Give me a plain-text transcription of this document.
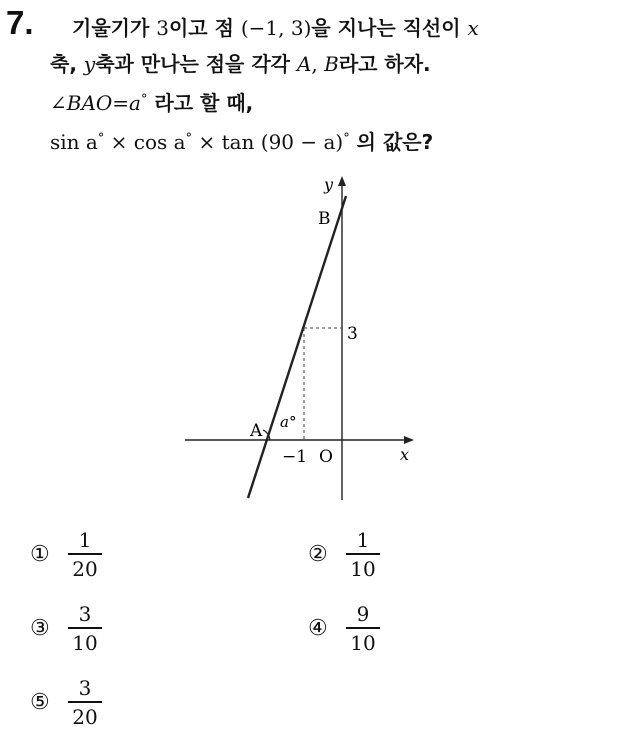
7.	기울기가 3이고 점 (−1, 3)을 지나는 직선이 x
축, y축과 만나는 점을 각각 A, B라고 하자.
∠BAO=a° 라고 할 때,
sin a° × cos a° × tan (90 − a)° 의 값은?
y
B
3
A a°
−1 O	x
① $\frac{1}{20}$	② $\frac{1}{10}$
③ $\frac{3}{10}$	④ $\frac{9}{10}$
⑤ $\frac{3}{20}$
